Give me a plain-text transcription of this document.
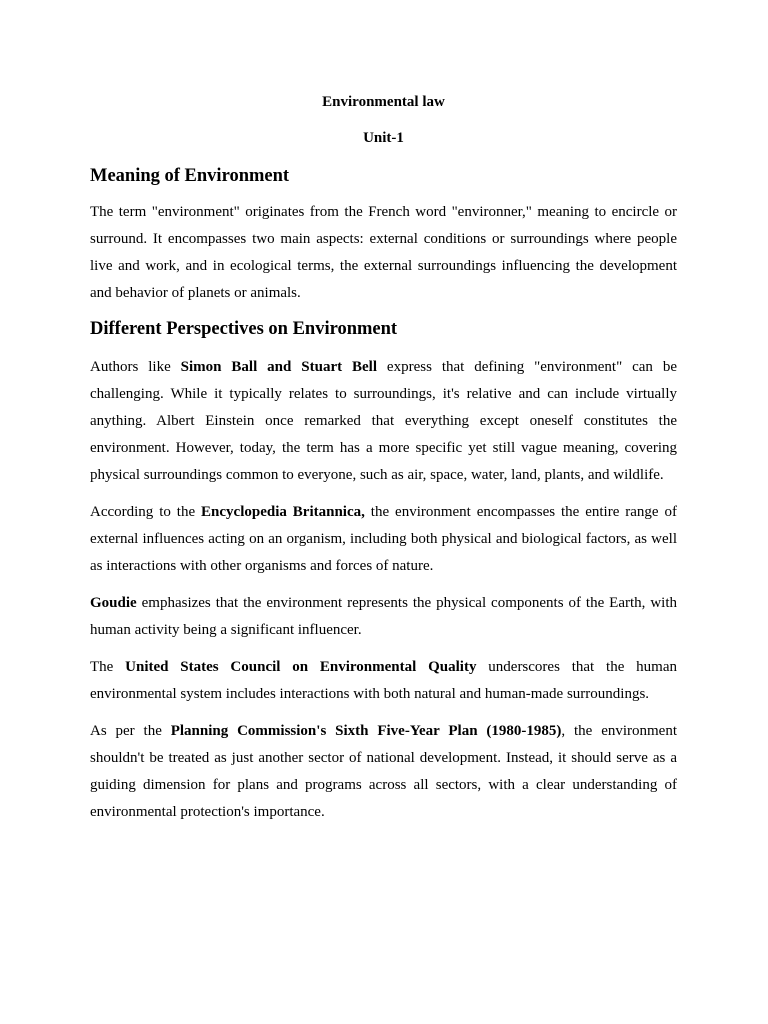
Environmental law
Unit-1
Meaning of Environment

The term "environment" originates from the French word "environner," meaning to encircle or surround. It encompasses two main aspects: external conditions or surroundings where people live and work, and in ecological terms, the external surroundings influencing the development and behavior of planets or animals.

Different Perspectives on Environment

Authors like Simon Ball and Stuart Bell express that defining "environment" can be challenging. While it typically relates to surroundings, it's relative and can include virtually anything. Albert Einstein once remarked that everything except oneself constitutes the environment. However, today, the term has a more specific yet still vague meaning, covering physical surroundings common to everyone, such as air, space, water, land, plants, and wildlife.

According to the Encyclopedia Britannica, the environment encompasses the entire range of external influences acting on an organism, including both physical and biological factors, as well as interactions with other organisms and forces of nature.

Goudie emphasizes that the environment represents the physical components of the Earth, with human activity being a significant influencer.

The United States Council on Environmental Quality underscores that the human environmental system includes interactions with both natural and human-made surroundings.

As per the Planning Commission's Sixth Five-Year Plan (1980-1985), the environment shouldn't be treated as just another sector of national development. Instead, it should serve as a guiding dimension for plans and programs across all sectors, with a clear understanding of environmental protection's importance.
